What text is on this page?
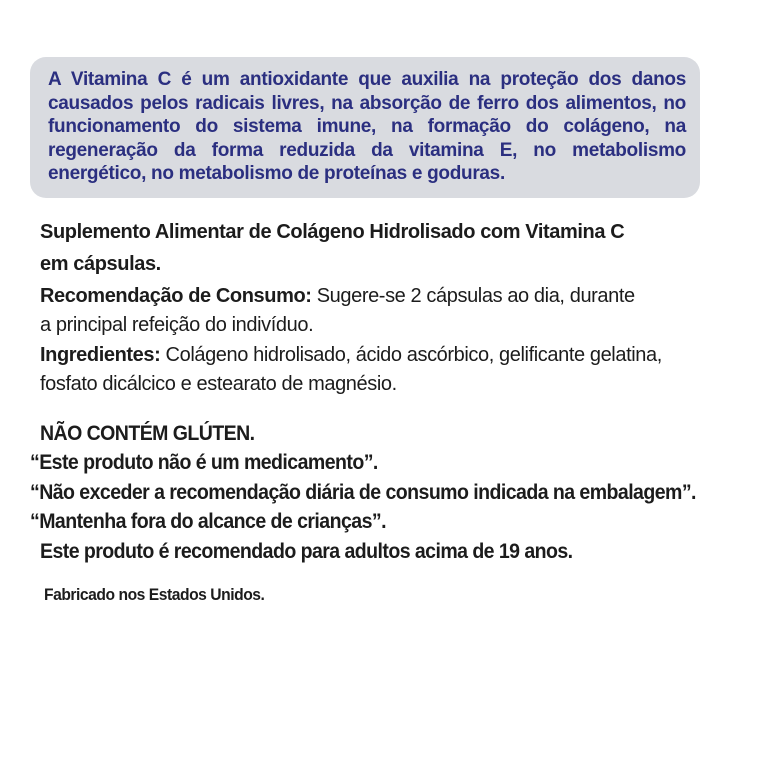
A Vitamina C é um antioxidante que auxilia na proteção dos danos causados pelos radicais livres, na absorção de ferro dos alimentos, no funcionamento do sistema imune, na formação do colágeno, na regeneração da forma reduzida da vitamina E, no metabolismo energético, no metabolismo de proteínas e goduras.

Suplemento Alimentar de Colágeno Hidrolisado com Vitamina C
em cápsulas.
Recomendação de Consumo: Sugere-se 2 cápsulas ao dia, durante
a principal refeição do indivíduo.
Ingredientes: Colágeno hidrolisado, ácido ascórbico, gelificante gelatina,
fosfato dicálcico e estearato de magnésio.
NÃO CONTÉM GLÚTEN.
“Este produto não é um medicamento”.
“Não exceder a recomendação diária de consumo indicada na embalagem”.
“Mantenha fora do alcance de crianças”.
Este produto é recomendado para adultos acima de 19 anos.
Fabricado nos Estados Unidos.
